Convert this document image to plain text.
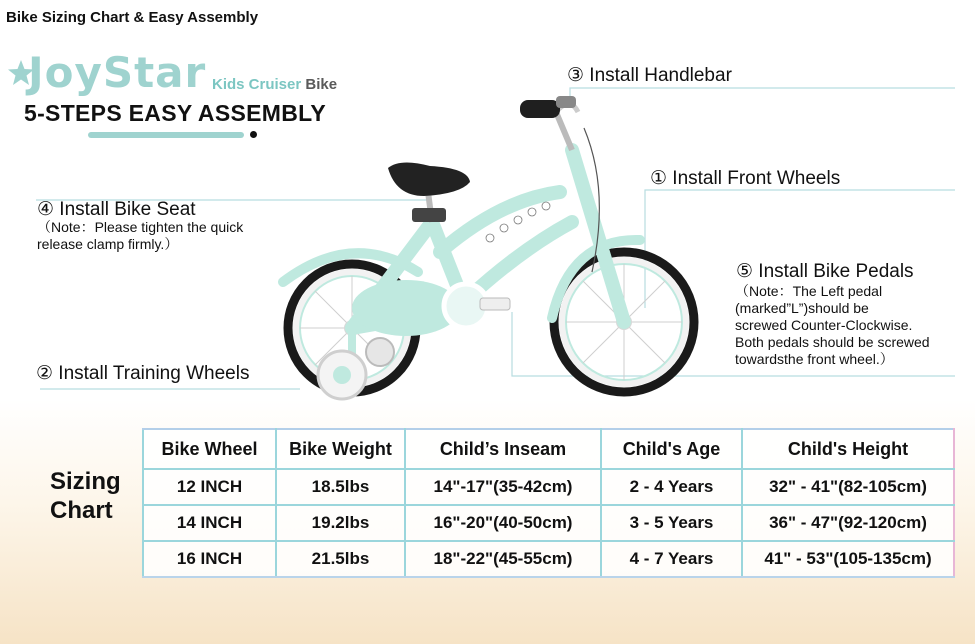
Bike Sizing Chart & Easy Assembly
JoyStar Kids Cruiser Bike
5-STEPS EASY ASSEMBLY
③ Install Handlebar
① Install Front Wheels
④ Install Bike Seat
（Note：Please tighten the quick
release clamp firmly.）
⑤ Install Bike Pedals
（Note：The Left pedal
(marked”L”)should be
screwed Counter-Clockwise.
Both pedals should be screwed
towardsthe front wheel.）
② Install Training Wheels
Sizing
Chart
Bike Wheel	Bike Weight	Child’s Inseam	Child's Age	Child's Height
12 INCH	18.5lbs	14"-17"(35-42cm)	2 - 4 Years	32" - 41"(82-105cm)
14 INCH	19.2lbs	16"-20"(40-50cm)	3 - 5 Years	36" - 47"(92-120cm)
16 INCH	21.5lbs	18"-22"(45-55cm)	4 - 7 Years	41" - 53"(105-135cm)
